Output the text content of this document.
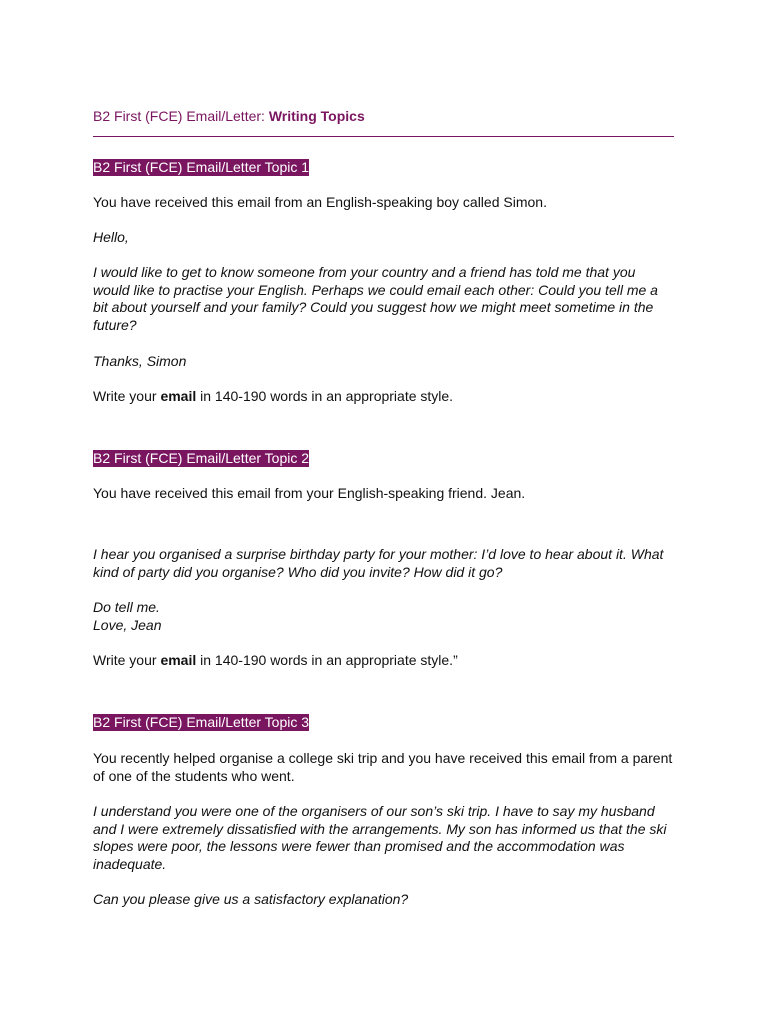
B2 First (FCE) Email/Letter: Writing Topics
B2 First (FCE) Email/Letter Topic 1

You have received this email from an English-speaking boy called Simon.

Hello,

I would like to get to know someone from your country and a friend has told me that you would like to practise your English. Perhaps we could email each other: Could you tell me a bit about yourself and your family? Could you suggest how we might meet sometime in the future?

Thanks, Simon

Write your email in 140-190 words in an appropriate style.

B2 First (FCE) Email/Letter Topic 2

You have received this email from your English-speaking friend. Jean.

I hear you organised a surprise birthday party for your mother: I’d love to hear about it. What kind of party did you organise? Who did you invite? How did it go?

Do tell me.

Love, Jean

Write your email in 140-190 words in an appropriate style.”

B2 First (FCE) Email/Letter Topic 3

You recently helped organise a college ski trip and you have received this email from a parent of one of the students who went.

I understand you were one of the organisers of our son’s ski trip. I have to say my husband and I were extremely dissatisfied with the arrangements. My son has informed us that the ski slopes were poor, the lessons were fewer than promised and the accommodation was inadequate.

Can you please give us a satisfactory explanation?
